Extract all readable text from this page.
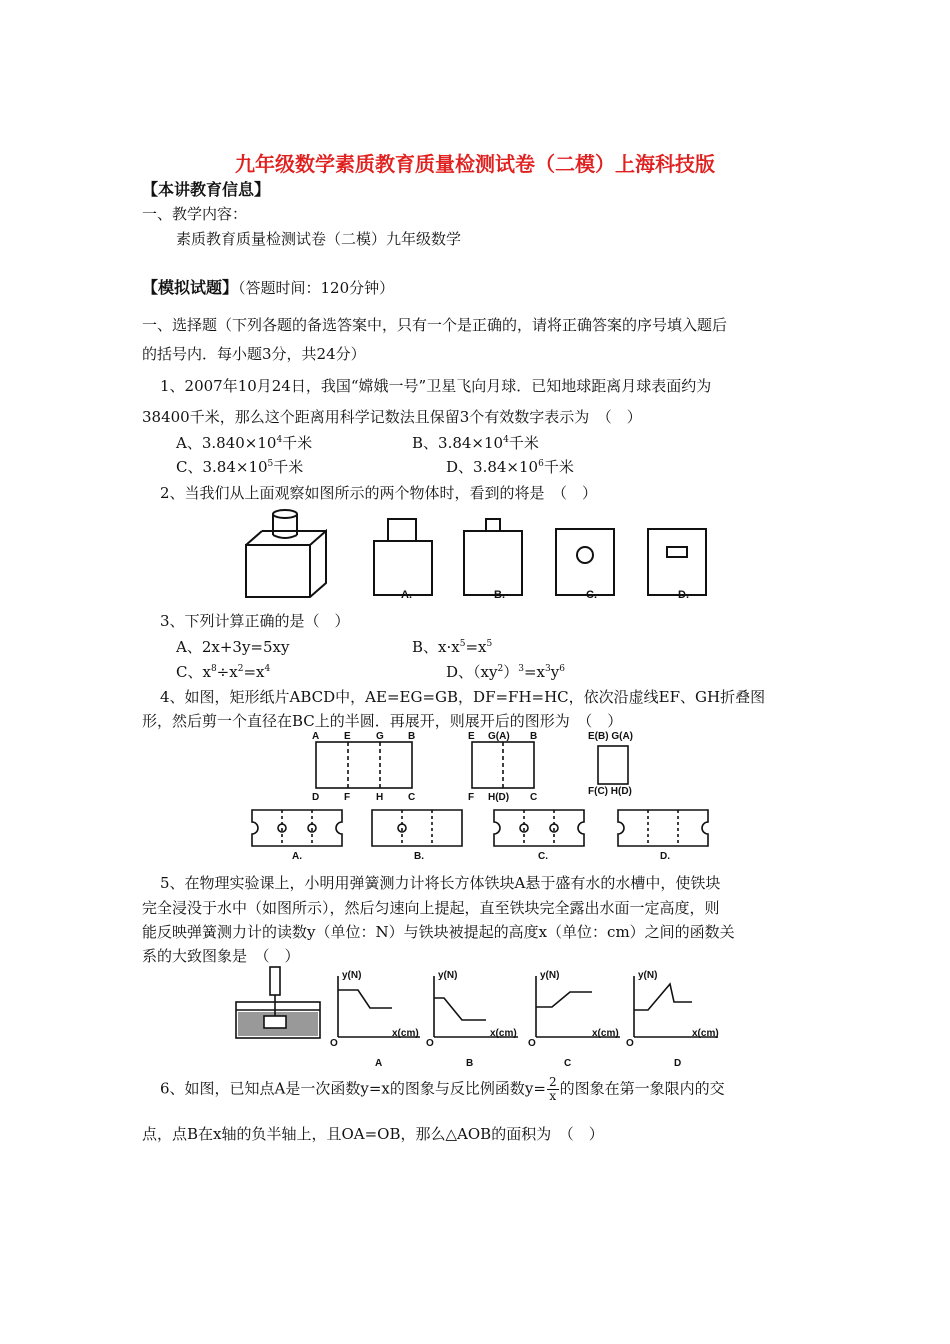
九年级数学素质教育质量检测试卷（二模）上海科技版
【本讲教育信息】
一、教学内容：
素质教育质量检测试卷（二模）九年级数学
【模拟试题】（答题时间：120分钟）
一、选择题（下列各题的备选答案中，只有一个是正确的，请将正确答案的序号填入题后
的括号内．每小题3分，共24分）
1、2007年10月24日，我国“嫦娥一号”卫星飞向月球．已知地球距离月球表面约为
38400千米，那么这个距离用科学记数法且保留3个有效数字表示为　（　）
A、$3.840\times 10^4$千米	B、$3.84\times 10^4$千米
C、$3.84\times 10^5$千米	D、$3.84\times 10^6$千米
2、当我们从上面观察如图所示的两个物体时，看到的将是　（　）
A.	B.	C.	D.
3、下列计算正确的是（　）
A、2x+3y=5xy	B、$x\cdot x^5=x^5$
C、$x^8\div x^2=x^4$	D、$(xy^2)^3=x^3y^6$
4、如图，矩形纸片ABCD中，AE=EG=GB，DF=FH=HC，依次沿虚线EF、GH折叠图
形，然后剪一个直径在BC上的半圆．再展开，则展开后的图形为　（　）
A E	G B
D F	H C
E G(A) B
F H(D) C
E(B) G(A)
F(C) H(D)
A.	B.	C.	D.
5、在物理实验课上，小明用弹簧测力计将长方体铁块A悬于盛有水的水槽中，使铁块
完全浸没于水中（如图所示），然后匀速向上提起，直至铁块完全露出水面一定高度，则
能反映弹簧测力计的读数y（单位：N）与铁块被提起的高度x（单位：cm）之间的函数关
系的大致图象是　（　）
y(N)
x(cm)
O
y(N)
x(cm)
O
y(N)
x(cm)
O
y(N)
x(cm)
O
A	B	C	D
6、如图，已知点A是一次函数y=x的图象与反比例函数$y= \frac{2}{x}$ 的图象在第一象限内的交
点，点B在x轴的负半轴上，且OA=OB，那么△AOB的面积为　（　）
